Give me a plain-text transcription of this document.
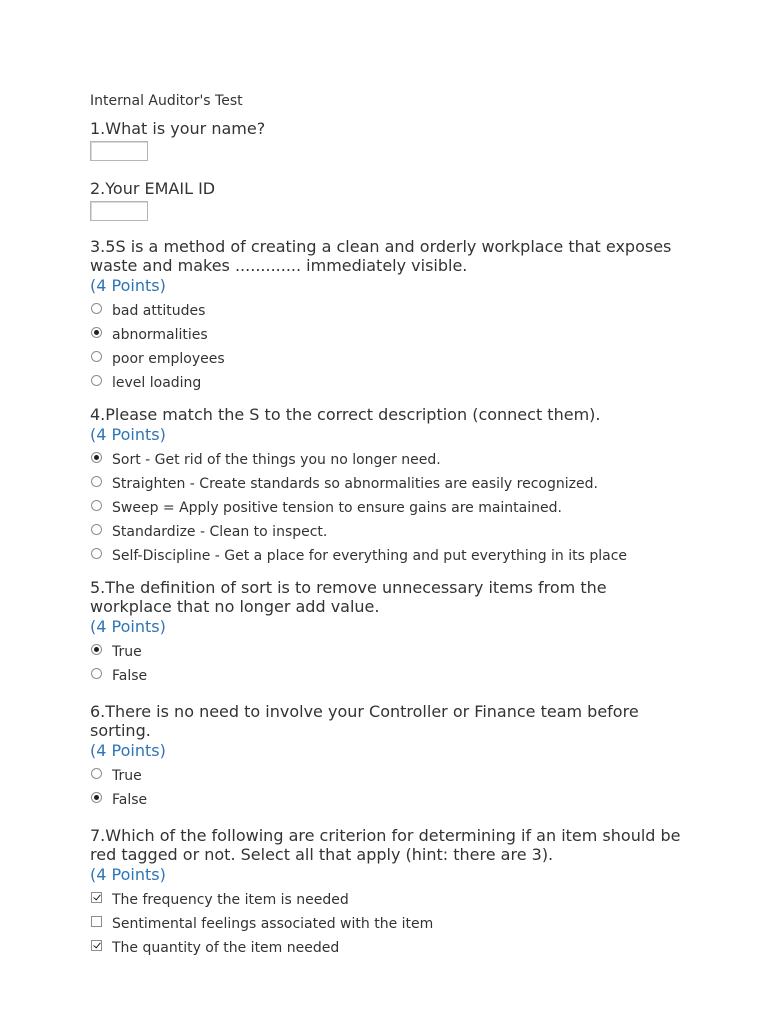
Internal Auditor's Test
1.What is your name?
2.Your EMAIL ID
3.5S is a method of creating a clean and orderly workplace that exposes waste and makes ............. immediately visible.
(4 Points)
bad attitudes
abnormalities
poor employees
level loading
4.Please match the S to the correct description (connect them).
(4 Points)
Sort - Get rid of the things you no longer need.
Straighten - Create standards so abnormalities are easily recognized.
Sweep = Apply positive tension to ensure gains are maintained.
Standardize - Clean to inspect.
Self-Discipline - Get a place for everything and put everything in its place
5.The definition of sort is to remove unnecessary items from the workplace that no longer add value.
(4 Points)
True
False
6.There is no need to involve your Controller or Finance team before sorting.
(4 Points)
True
False
7.Which of the following are criterion for determining if an item should be red tagged or not. Select all that apply (hint: there are 3).
(4 Points)
The frequency the item is needed
Sentimental feelings associated with the item
The quantity of the item needed
